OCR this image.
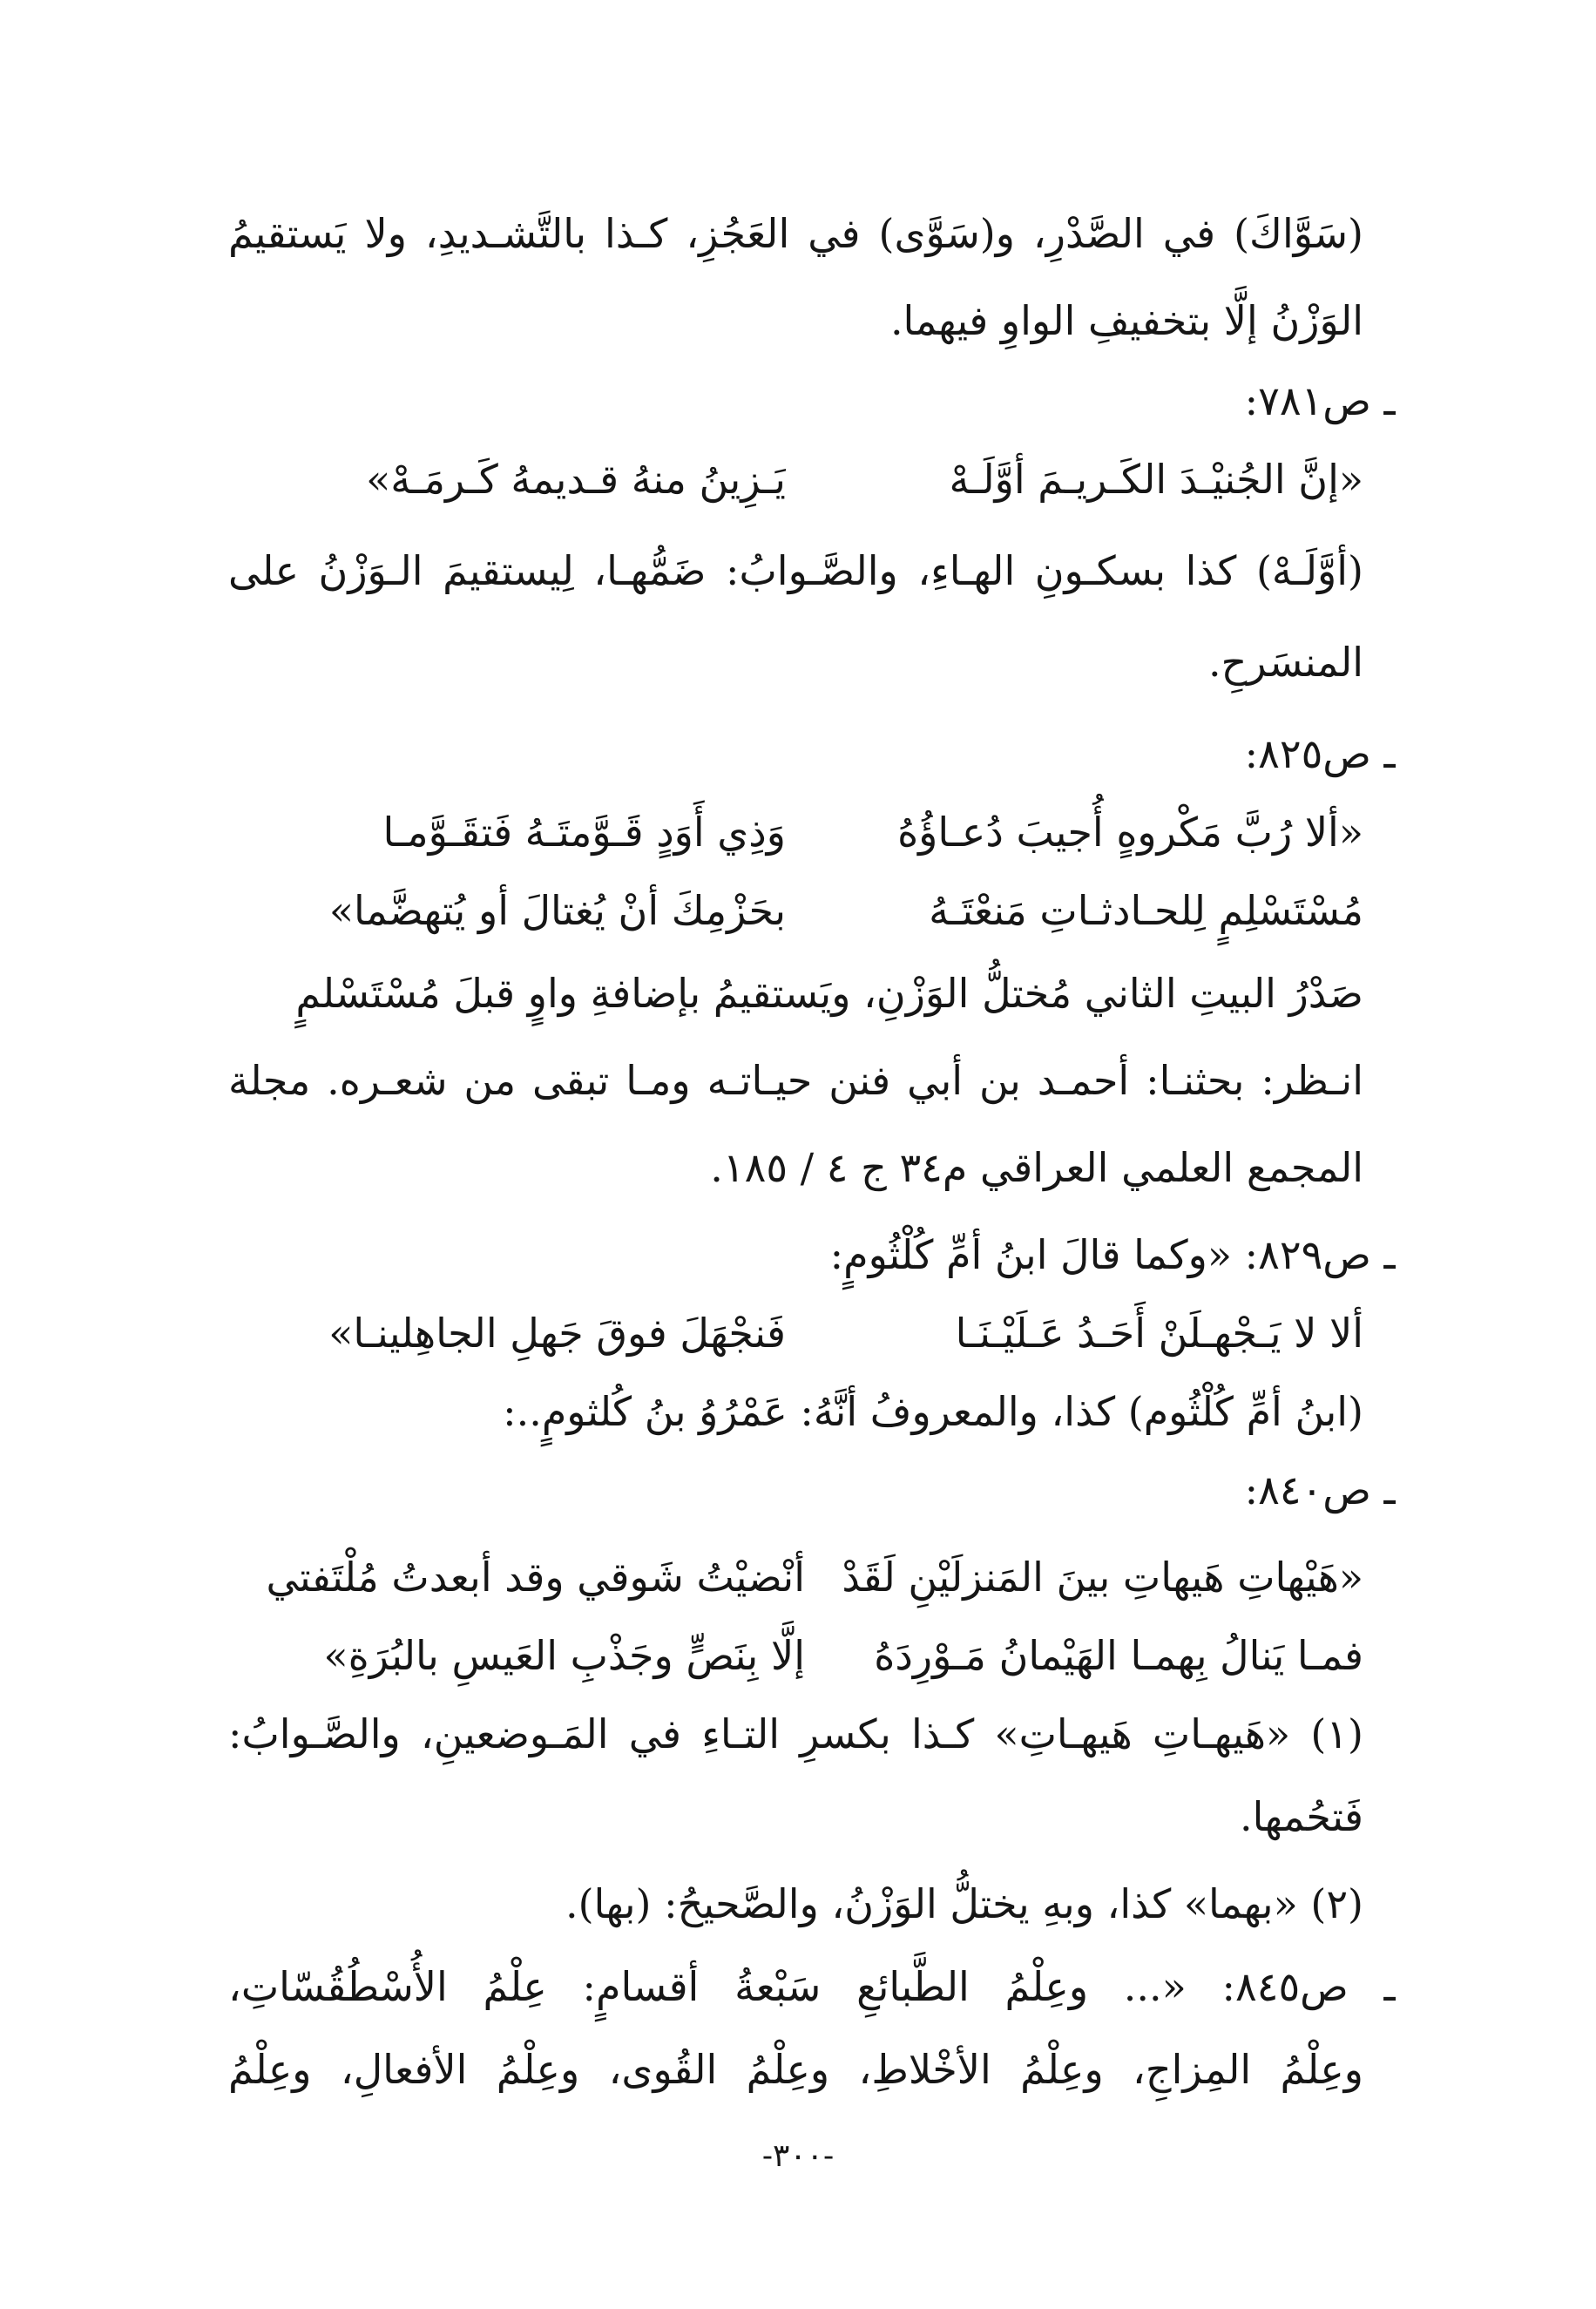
(سَوَّاكَ) في الصَّدْرِ، و(سَوَّى) في العَجُزِ، كـذا بالتَّشـديدِ، ولا يَستقيمُ
الوَزْنُ إلَّا بتخفيفِ الواوِ فيهما.
ـ ص٧٨١:
«إنَّ الجُنيْـدَ الكَـريـمَ أوَّلَـهْ
يَـزِينُ منهُ قـديمهُ كَـرمَـهْ»
(أوَّلَـهْ) كذا بسكـونِ الهـاءِ، والصَّـوابُ: ضَمُّهـا، لِيستقيمَ الـوَزْنُ على
المنسَرحِ.
ـ ص٨٢٥:
«ألا رُبَّ مَكْروهٍ أُجيبَ دُعـاؤُهُ
وَذِي أَوَدٍ قَـوَّمتَـهُ فَتقَـوَّمـا
مُسْتَسْلِمٍ لِلحـادثـاتِ مَنعْتَـهُ
بحَزْمِكَ أنْ يُغتالَ أو يُتهضَّما»
صَدْرُ البيتِ الثاني مُختلُّ الوَزْنِ، ويَستقيمُ بإضافةِ واوٍ قبلَ مُسْتَسْلمٍ
انـظر: بحثنـا: أحمـد بن أبي فنن حيـاتـه ومـا تبقى من شعـره. مجلة
المجمع العلمي العراقي م٣٤ ج ٤ / ١٨٥.
ـ ص٨٢٩: «وكما قالَ ابنُ أمِّ كُلْثُومٍ:
ألا لا يَـجْهـلَنْ أَحَـدُ عَـلَيْـنَـا
فَنجْهَلَ فوقَ جَهلِ الجاهِلينـا»
(ابنُ أمِّ كُلْثُوم) كذا، والمعروفُ أنَّهُ: عَمْرُوُ بنُ كُلثومٍ..:
ـ ص٨٤٠:
«هَيْهاتِ هَيهاتِ بينَ المَنزلَيْنِ لَقَدْ
أنْضيْتُ شَوقي وقد أبعدتُ مُلْتَفتي
فمـا يَنالُ بِهمـا الهَيْمانُ مَـوْرِدَهُ
إلَّا بِنَصٍّ وجَذْبِ العَيسِ بالبُرَةِ»
(١) «هَيهـاتِ هَيهـاتِ» كـذا بكسرِ التـاءِ في المَـوضعينِ، والصَّـوابُ:
فَتحُمها.
(٢) «بهما» كذا، وبهِ يختلُّ الوَزْنُ، والصَّحيحُ: (بها).
ـ ص٨٤٥: «... وعِلْمُ الطَّبائعِ سَبْعةُ أقسامٍ: عِلْمُ الأُسْطُقُسّاتِ،
وعِلْمُ المِزاجِ، وعِلْمُ الأخْلاطِ، وعِلْمُ القُوى، وعِلْمُ الأفعالِ، وعِلْمُ
-٣٠٠-
